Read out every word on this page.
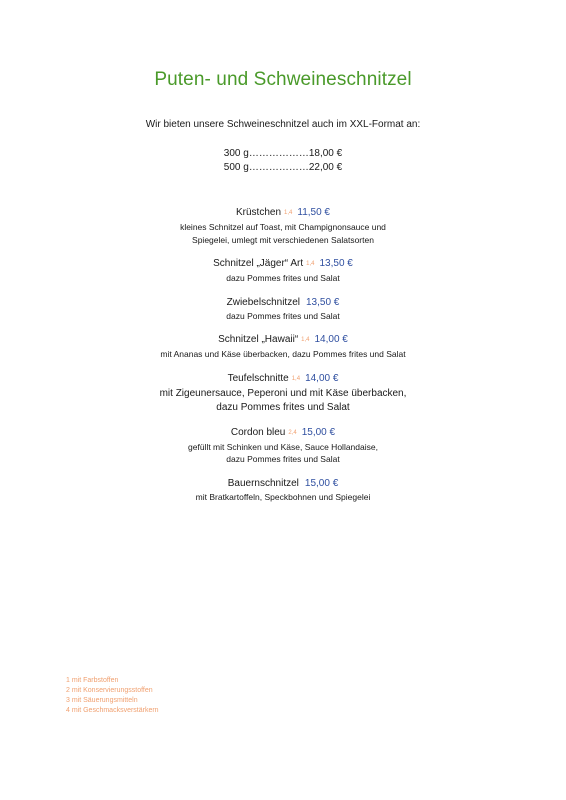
Puten- und Schweineschnitzel
Wir bieten unsere Schweineschnitzel auch im XXL-Format an:
300 g………………18,00 €
500 g………………22,00 €
Krüstchen 1,4 11,50 €
kleines Schnitzel auf Toast, mit Champignonsauce und
Spiegelei, umlegt mit verschiedenen Salatsorten
Schnitzel „Jäger“ Art 1,4 13,50 €
dazu Pommes frites und Salat
Zwiebelschnitzel 13,50 €
dazu Pommes frites und Salat
Schnitzel „Hawaii“ 1,4 14,00 €
mit Ananas und Käse überbacken, dazu Pommes frites und Salat
Teufelschnitte 1,4 14,00 €
mit Zigeunersauce, Peperoni und mit Käse überbacken,
dazu Pommes frites und Salat
Cordon bleu 2,4 15,00 €
gefüllt mit Schinken und Käse, Sauce Hollandaise,
dazu Pommes frites und Salat
Bauernschnitzel 15,00 €
mit Bratkartoffeln, Speckbohnen und Spiegelei
1 mit Farbstoffen
2 mit Konservierungsstoffen
3 mit Säuerungsmitteln
4 mit Geschmacksverstärkern
